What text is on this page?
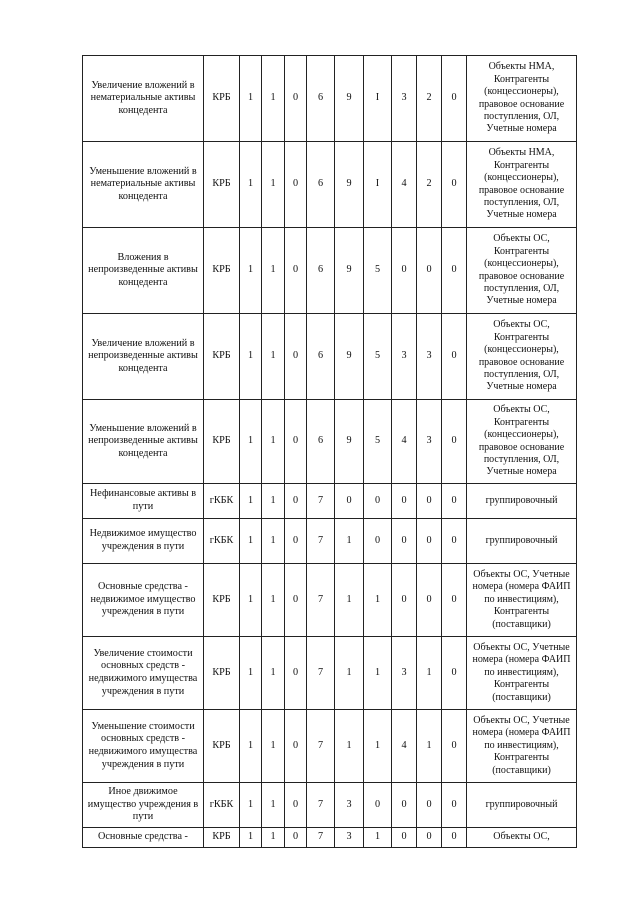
Увеличение вложений в нематериальные активы концедента	КРБ	1	1	0	6	9	I	3	2	0	Объекты НМА, Контрагенты (концессионеры), правовое основание поступления, ОЛ, Учетные номера
Уменьшение вложений в нематериальные активы концедента	КРБ	1	1	0	6	9	I	4	2	0	Объекты НМА, Контрагенты (концессионеры), правовое основание поступления, ОЛ, Учетные номера
Вложения в непроизведенные активы концедента	КРБ	1	1	0	6	9	5	0	0	0	Объекты ОС, Контрагенты (концессионеры), правовое основание поступления, ОЛ, Учетные номера
Увеличение вложений в непроизведенные активы концедента	КРБ	1	1	0	6	9	5	3	3	0	Объекты ОС, Контрагенты (концессионеры), правовое основание поступления, ОЛ, Учетные номера
Уменьшение вложений в непроизведенные активы концедента	КРБ	1	1	0	6	9	5	4	3	0	Объекты ОС, Контрагенты (концессионеры), правовое основание поступления, ОЛ, Учетные номера
Нефинансовые активы в пути	гКБК	1	1	0	7	0	0	0	0	0	группировочный
Недвижимое имущество учреждения в пути	гКБК	1	1	0	7	1	0	0	0	0	группировочный
Основные средства - недвижимое имущество учреждения в пути	КРБ	1	1	0	7	1	1	0	0	0	Объекты ОС, Учетные номера (номера ФАИП по инвестициям), Контрагенты (поставщики)
Увеличение стоимости основных средств - недвижимого имущества учреждения в пути	КРБ	1	1	0	7	1	1	3	1	0	Объекты ОС, Учетные номера (номера ФАИП по инвестициям), Контрагенты (поставщики)
Уменьшение стоимости основных средств - недвижимого имущества учреждения в пути	КРБ	1	1	0	7	1	1	4	1	0	Объекты ОС, Учетные номера (номера ФАИП по инвестициям), Контрагенты (поставщики)
Иное движимое имущество учреждения в пути	гКБК	1	1	0	7	3	0	0	0	0	группировочный
Основные средства -	КРБ	1	1	0	7	3	1	0	0	0	Объекты ОС,
